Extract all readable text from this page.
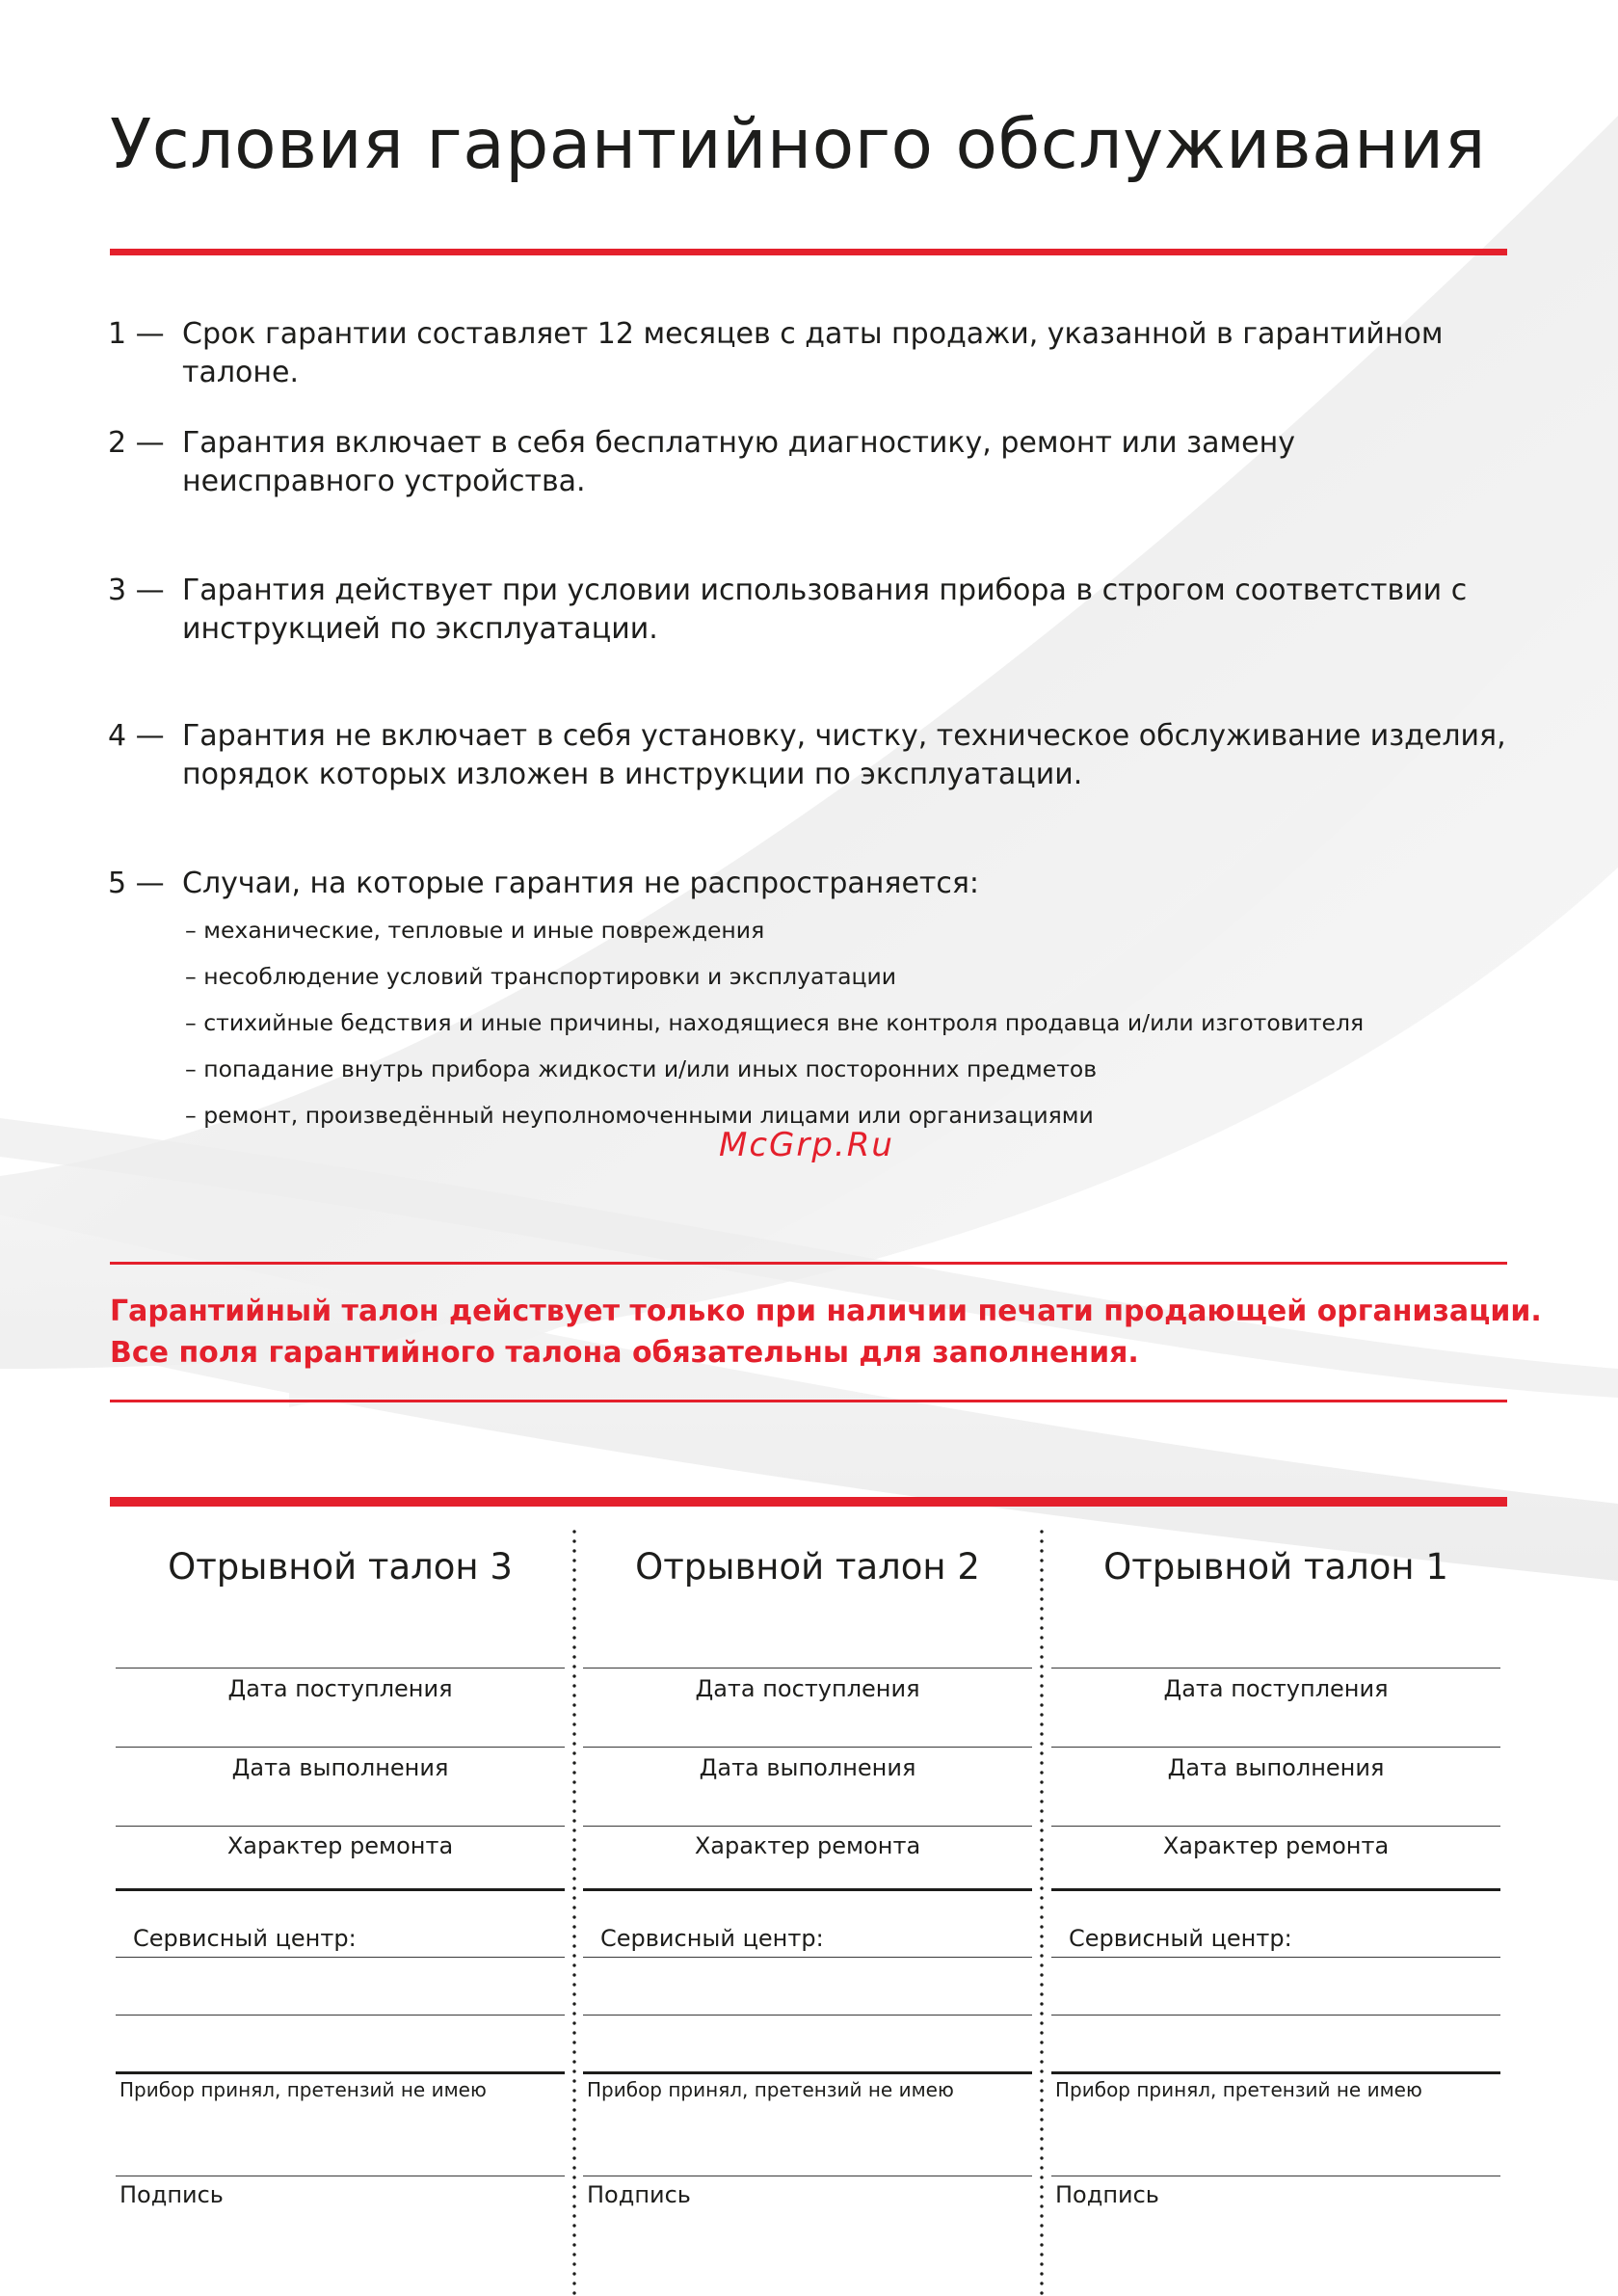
Условия гарантийного обслуживания
1 — Срок гарантии составляет 12 месяцев с даты продажи, указанной в гарантийном талоне.
2 — Гарантия включает в себя бесплатную диагностику, ремонт или замену неисправного устройства.
3 — Гарантия действует при условии использования прибора в строгом соответствии с инструкцией по эксплуатации.
4 — Гарантия не включает в себя установку, чистку, техническое обслуживание изделия, порядок которых изложен в инструкции по эксплуатации.
5 — Случаи, на которые гарантия не распространяется:
– механические, тепловые и иные повреждения
– несоблюдение условий транспортировки и эксплуатации
– стихийные бедствия и иные причины, находящиеся вне контроля продавца и/или изготовителя
– попадание внутрь прибора жидкости и/или иных посторонних предметов
– ремонт, произведённый неуполномоченными лицами или организациями
McGrp.Ru
Гарантийный талон действует только при наличии печати продающей организации.
Все поля гарантийного талона обязательны для заполнения.
Отрывной талон 3
Дата поступления
Дата выполнения
Характер ремонта
Сервисный центр:
Прибор принял, претензий не имею
Подпись
Отрывной талон 2
Дата поступления
Дата выполнения
Характер ремонта
Сервисный центр:
Прибор принял, претензий не имею
Подпись
Отрывной талон 1
Дата поступления
Дата выполнения
Характер ремонта
Сервисный центр:
Прибор принял, претензий не имею
Подпись
